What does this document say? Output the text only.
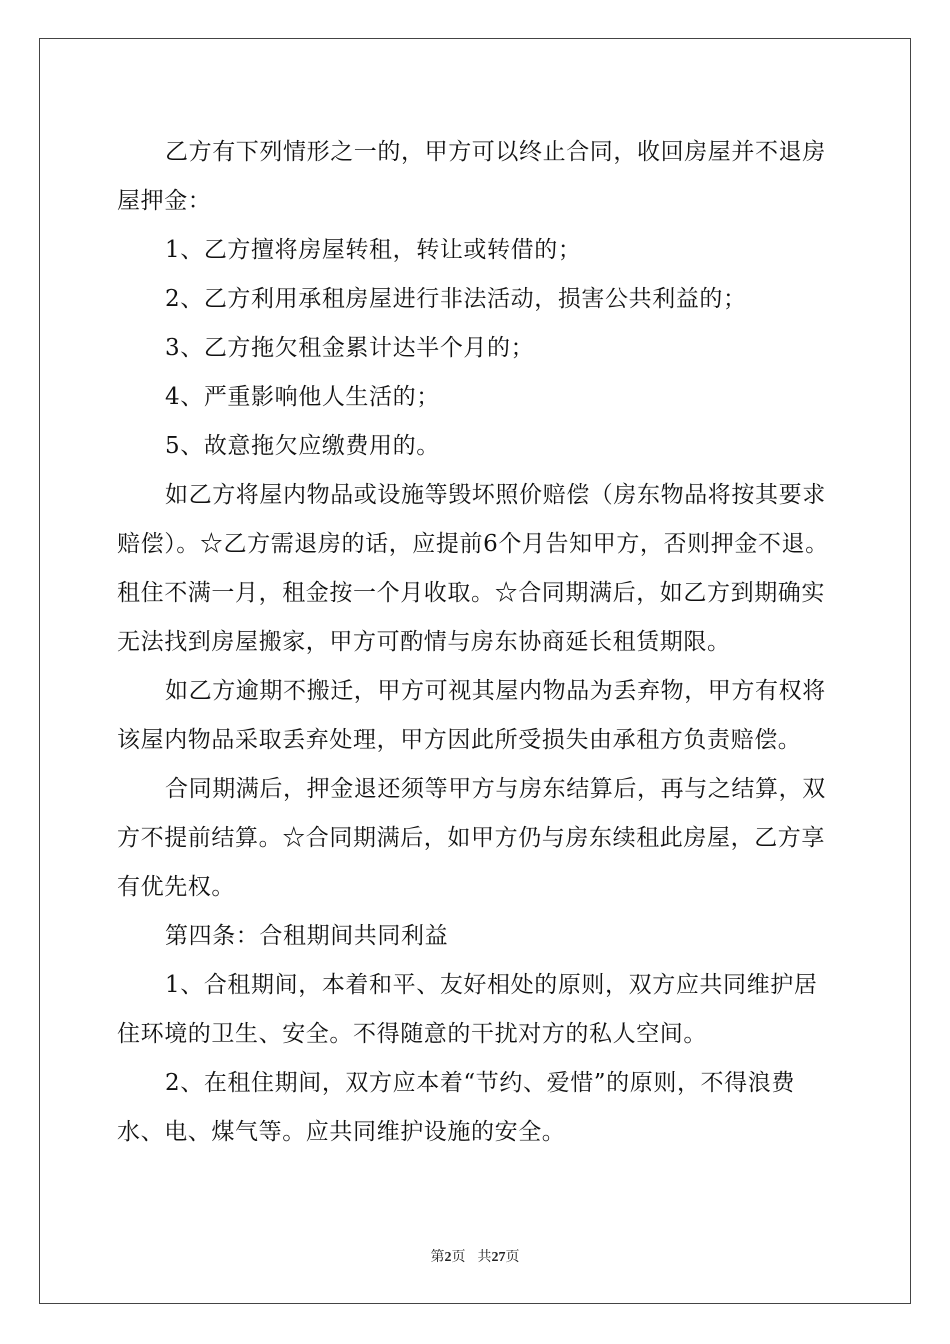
乙方有下列情形之一的，甲方可以终止合同，收回房屋并不退房
屋押金：
1、乙方擅将房屋转租，转让或转借的；
2、乙方利用承租房屋进行非法活动，损害公共利益的；
3、乙方拖欠租金累计达半个月的；
4、严重影响他人生活的；
5、故意拖欠应缴费用的。
如乙方将屋内物品或设施等毁坏照价赔偿（房东物品将按其要求
赔偿）。☆乙方需退房的话，应提前6个月告知甲方，否则押金不退。
租住不满一月，租金按一个月收取。☆合同期满后，如乙方到期确实
无法找到房屋搬家，甲方可酌情与房东协商延长租赁期限。
如乙方逾期不搬迁，甲方可视其屋内物品为丢弃物，甲方有权将
该屋内物品采取丢弃处理，甲方因此所受损失由承租方负责赔偿。
合同期满后，押金退还须等甲方与房东结算后，再与之结算，双
方不提前结算。☆合同期满后，如甲方仍与房东续租此房屋，乙方享
有优先权。
第四条：合租期间共同利益
1、合租期间，本着和平、友好相处的原则，双方应共同维护居
住环境的卫生、安全。不得随意的干扰对方的私人空间。
2、在租住期间，双方应本着“节约、爱惜”的原则，不得浪费
水、电、煤气等。应共同维护设施的安全。
第2页 共27页
